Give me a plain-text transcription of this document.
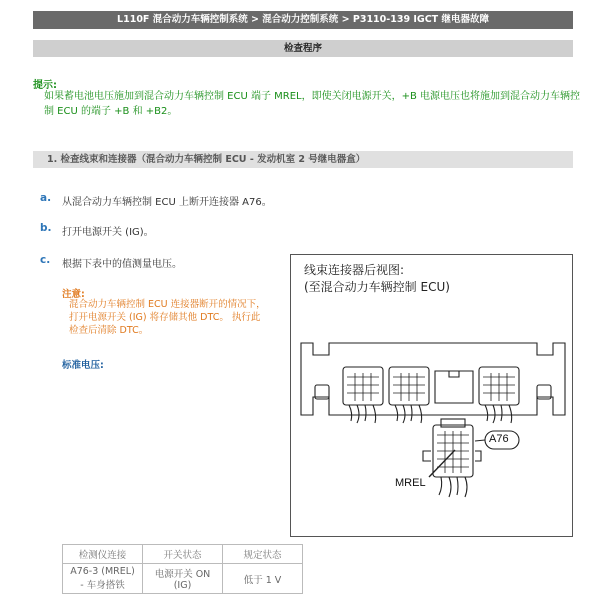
L110F 混合动力车辆控制系统 > 混合动力控制系统 > P3110-139 IGCT 继电器故障
检查程序
提示:
如果蓄电池电压施加到混合动力车辆控制 ECU 端子 MREL，即使关闭电源开关，+B 电源电压也将施加到混合动力车辆控制 ECU 的端子 +B 和 +B2。
1. 检查线束和连接器（混合动力车辆控制 ECU - 发动机室 2 号继电器盒）
a. 从混合动力车辆控制 ECU 上断开连接器 A76。
b. 打开电源开关 (IG)。
c. 根据下表中的值测量电压。
注意:
混合动力车辆控制 ECU 连接器断开的情况下，打开电源开关 (IG) 将存储其他 DTC。 执行此检查后清除 DTC。
标准电压:
线束连接器后视图:
(至混合动力车辆控制 ECU)
A76
MREL
检测仪连接	开关状态	规定状态
A76-3 (MREL) - 车身搭铁	电源开关 ON (IG)	低于 1 V
